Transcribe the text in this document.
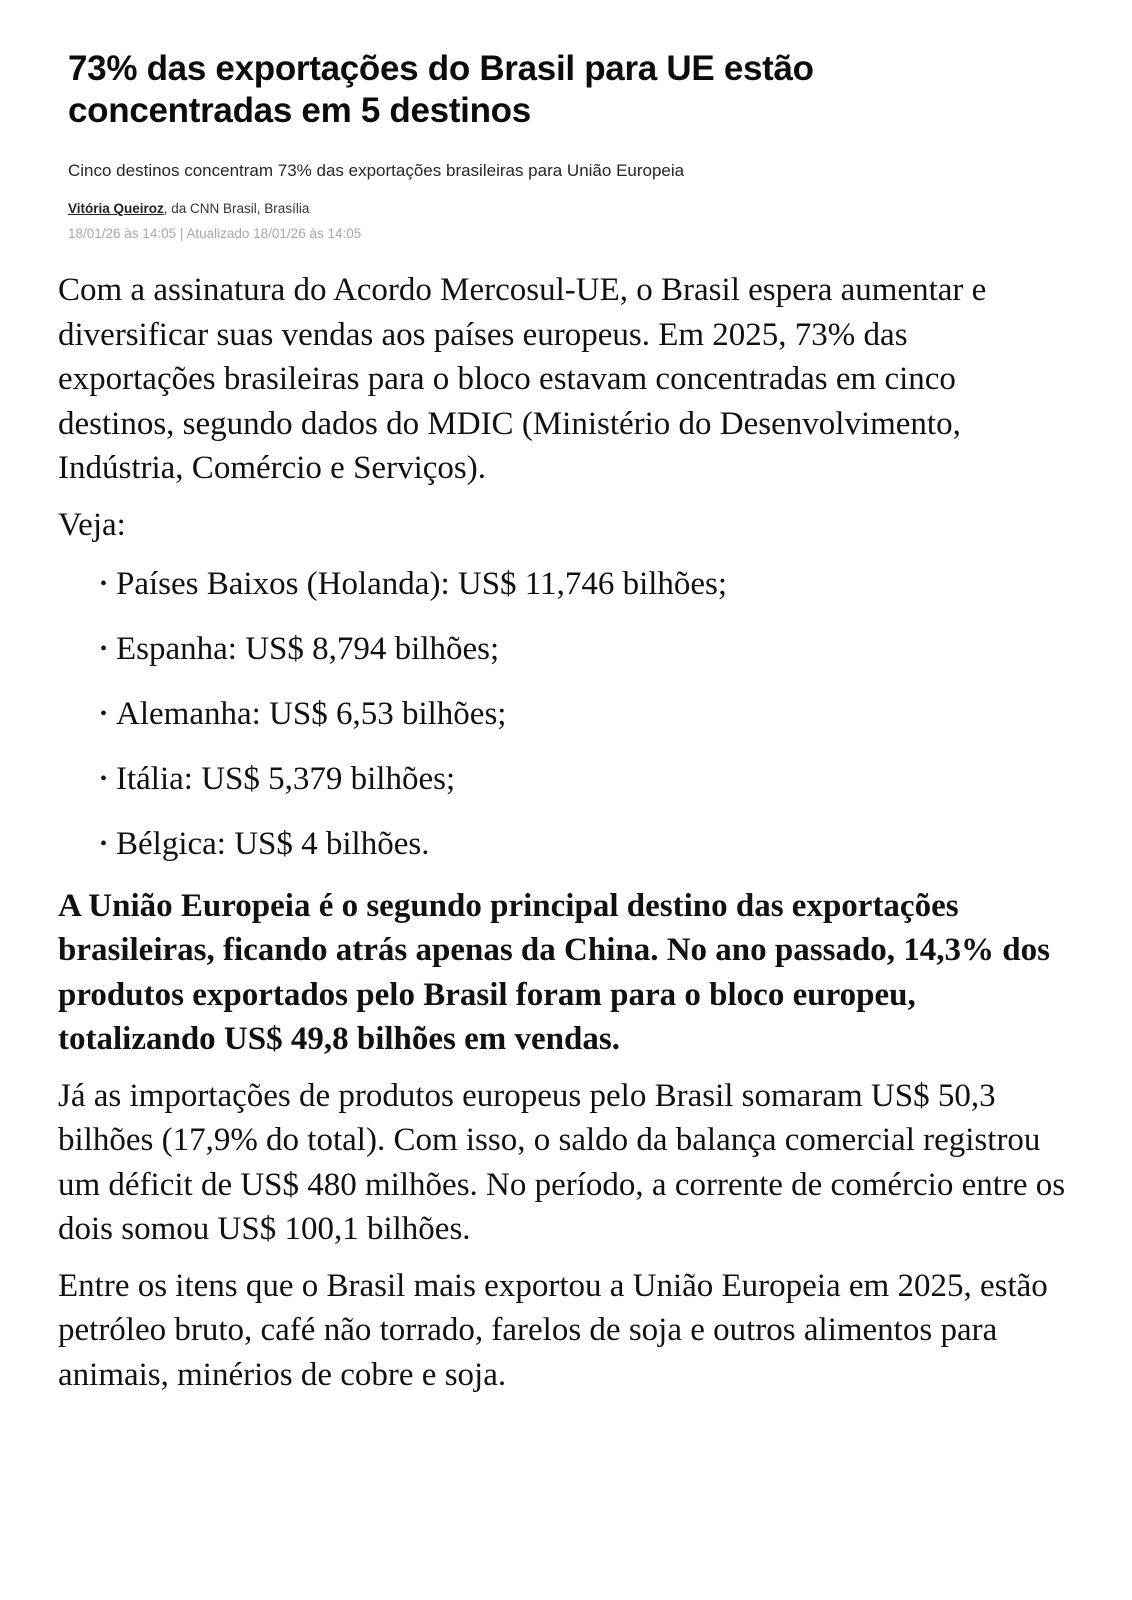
73% das exportações do Brasil para UE estão concentradas em 5 destinos
Cinco destinos concentram 73% das exportações brasileiras para União Europeia
Vitória Queiroz, da CNN Brasil, Brasília
18/01/26 às 14:05 | Atualizado 18/01/26 às 14:05

Com a assinatura do Acordo Mercosul-UE, o Brasil espera aumentar e diversificar suas vendas aos países europeus. Em 2025, 73% das exportações brasileiras para o bloco estavam concentradas em cinco destinos, segundo dados do MDIC (Ministério do Desenvolvimento, Indústria, Comércio e Serviços).

Veja:

• Países Baixos (Holanda): US$ 11,746 bilhões;
• Espanha: US$ 8,794 bilhões;
• Alemanha: US$ 6,53 bilhões;
• Itália: US$ 5,379 bilhões;
• Bélgica: US$ 4 bilhões.

A União Europeia é o segundo principal destino das exportações brasileiras, ficando atrás apenas da China. No ano passado, 14,3% dos produtos exportados pelo Brasil foram para o bloco europeu, totalizando US$ 49,8 bilhões em vendas.

Já as importações de produtos europeus pelo Brasil somaram US$ 50,3 bilhões (17,9% do total). Com isso, o saldo da balança comercial registrou um déficit de US$ 480 milhões. No período, a corrente de comércio entre os dois somou US$ 100,1 bilhões.

Entre os itens que o Brasil mais exportou a União Europeia em 2025, estão petróleo bruto, café não torrado, farelos de soja e outros alimentos para animais, minérios de cobre e soja.
